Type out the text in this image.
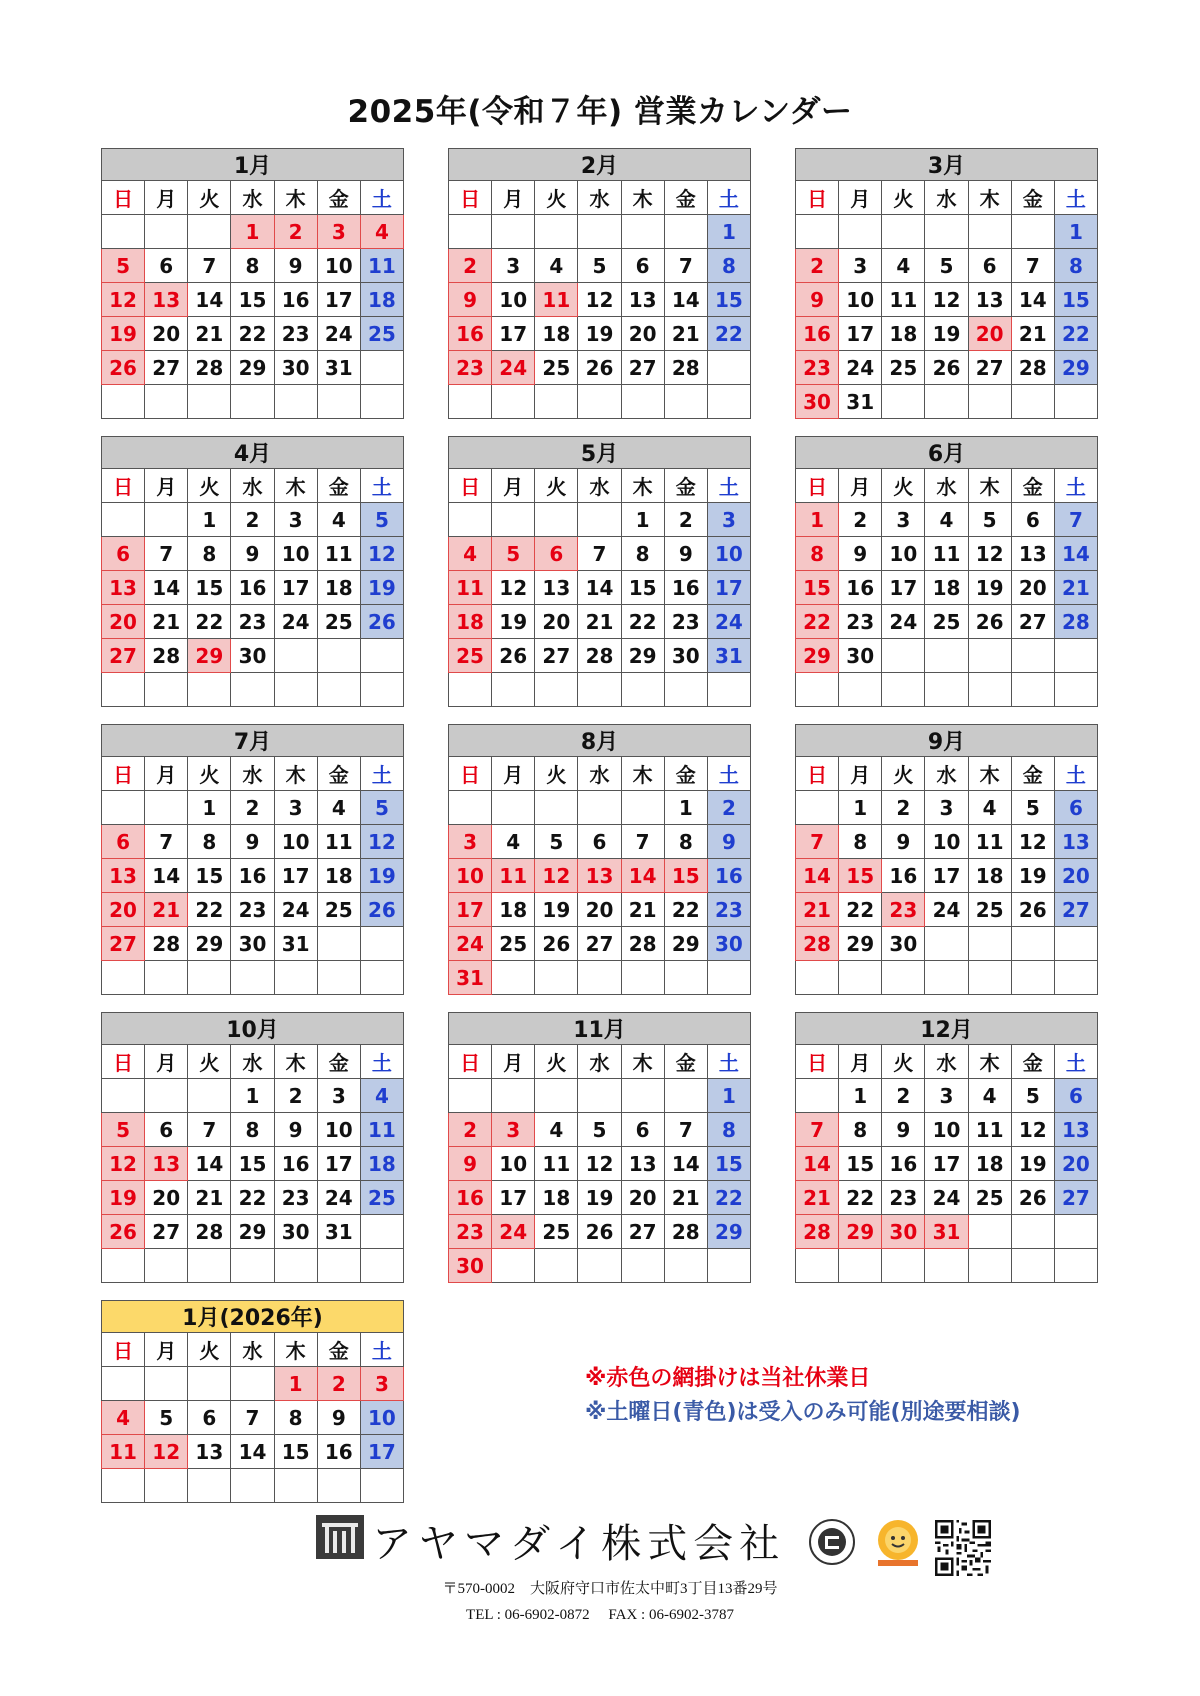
2025年(令和７年) 営業カレンダー
1月						
日	月	火	水	木	金	土
			1	2	3	4
5	6	7	8	9	10	11
12	13	14	15	16	17	18
19	20	21	22	23	24	25
26	27	28	29	30	31	

2月						
日	月	火	水	木	金	土
						1
2	3	4	5	6	7	8
9	10	11	12	13	14	15
16	17	18	19	20	21	22
23	24	25	26	27	28	

3月						
日	月	火	水	木	金	土
						1
2	3	4	5	6	7	8
9	10	11	12	13	14	15
16	17	18	19	20	21	22
23	24	25	26	27	28	29
30	31					
4月						
日	月	火	水	木	金	土
		1	2	3	4	5
6	7	8	9	10	11	12
13	14	15	16	17	18	19
20	21	22	23	24	25	26
27	28	29	30			

5月						
日	月	火	水	木	金	土
				1	2	3
4	5	6	7	8	9	10
11	12	13	14	15	16	17
18	19	20	21	22	23	24
25	26	27	28	29	30	31

6月						
日	月	火	水	木	金	土
1	2	3	4	5	6	7
8	9	10	11	12	13	14
15	16	17	18	19	20	21
22	23	24	25	26	27	28
29	30					

7月						
日	月	火	水	木	金	土
		1	2	3	4	5
6	7	8	9	10	11	12
13	14	15	16	17	18	19
20	21	22	23	24	25	26
27	28	29	30	31		

8月						
日	月	火	水	木	金	土
					1	2
3	4	5	6	7	8	9
10	11	12	13	14	15	16
17	18	19	20	21	22	23
24	25	26	27	28	29	30
31						
9月						
日	月	火	水	木	金	土
	1	2	3	4	5	6
7	8	9	10	11	12	13
14	15	16	17	18	19	20
21	22	23	24	25	26	27
28	29	30				

10月						
日	月	火	水	木	金	土
			1	2	3	4
5	6	7	8	9	10	11
12	13	14	15	16	17	18
19	20	21	22	23	24	25
26	27	28	29	30	31	

11月						
日	月	火	水	木	金	土
						1
2	3	4	5	6	7	8
9	10	11	12	13	14	15
16	17	18	19	20	21	22
23	24	25	26	27	28	29
30						
12月						
日	月	火	水	木	金	土
	1	2	3	4	5	6
7	8	9	10	11	12	13
14	15	16	17	18	19	20
21	22	23	24	25	26	27
28	29	30	31			

1月(2026年)						
日	月	火	水	木	金	土
				1	2	3
4	5	6	7	8	9	10
11	12	13	14	15	16	17

※赤色の網掛けは当社休業日
※土曜日(青色)は受入のみ可能(別途要相談)
アヤマダイ株式会社
〒570-0002　大阪府守口市佐太中町3丁目13番29号
TEL : 06-6902-0872　 FAX : 06-6902-3787
